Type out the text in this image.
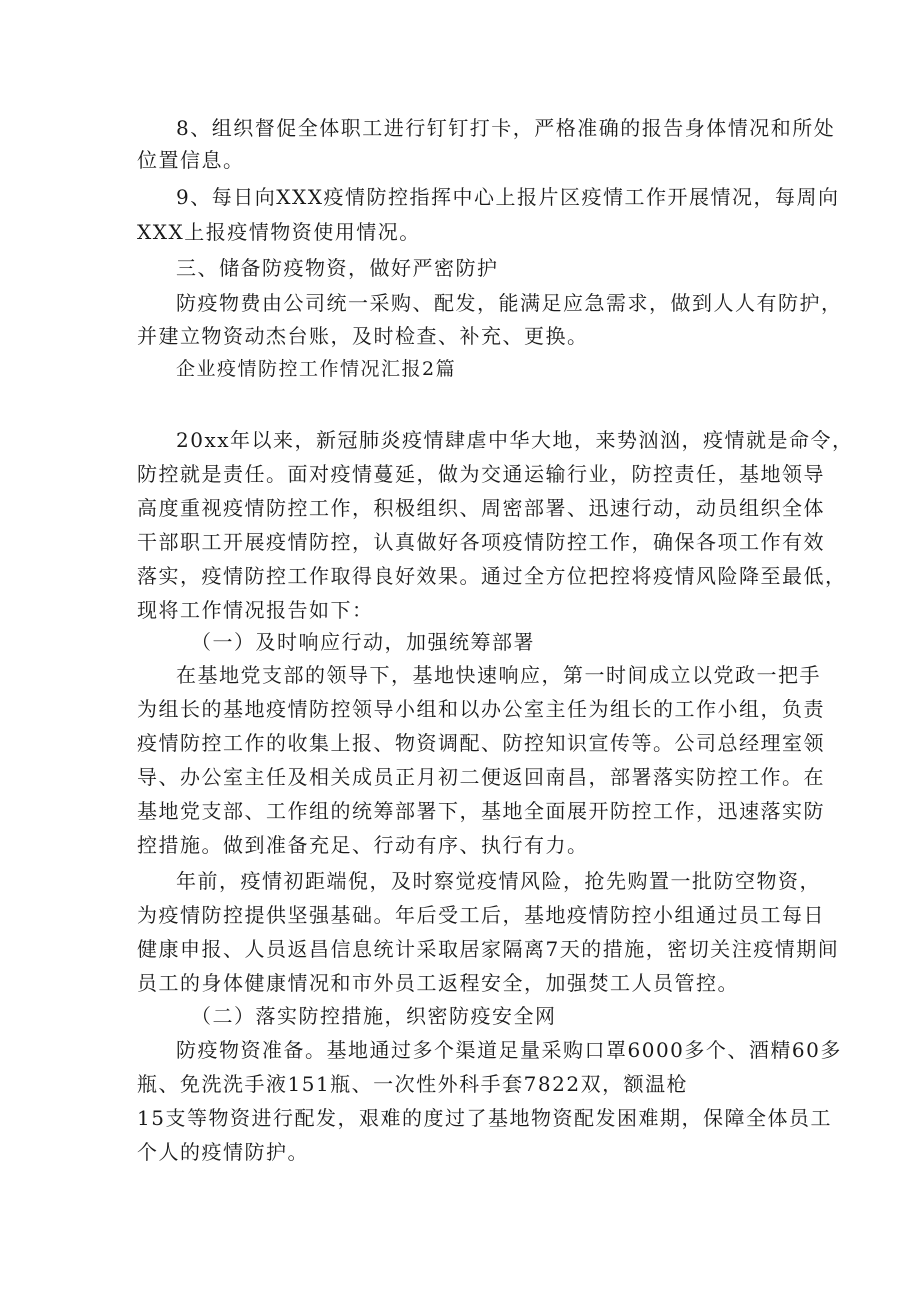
8、组织督促全体职工进行钉钉打卡，严格准确的报告身体情况和所处
位置信息。
9、每日向XXX疫情防控指挥中心上报片区疫情工作开展情况，每周向
XXX上报疫情物资使用情况。
三、储备防疫物资，做好严密防护
防疫物费由公司统一采购、配发，能满足应急需求，做到人人有防护，
并建立物资动杰台账，及时检查、补充、更换。
企业疫情防控工作情况汇报2篇
20xx年以来，新冠肺炎疫情肆虐中华大地，来势汹汹，疫情就是命令，
防控就是责任。面对疫情蔓延，做为交通运输行业，防控责任，基地领导
高度重视疫情防控工作，积极组织、周密部署、迅速行动，动员组织全体
干部职工开展疫情防控，认真做好各项疫情防控工作，确保各项工作有效
落实，疫情防控工作取得良好效果。通过全方位把控将疫情风险降至最低，
现将工作情况报告如下：
（一）及时响应行动，加强统筹部署
在基地党支部的领导下，基地快速响应，第一时间成立以党政一把手
为组长的基地疫情防控领导小组和以办公室主任为组长的工作小组，负责
疫情防控工作的收集上报、物资调配、防控知识宣传等。公司总经理室领
导、办公室主任及相关成员正月初二便返回南昌，部署落实防控工作。在
基地党支部、工作组的统筹部署下，基地全面展开防控工作，迅速落实防
控措施。做到准备充足、行动有序、执行有力。
年前，疫情初距端倪，及时察觉疫情风险，抢先购置一批防空物资，
为疫情防控提供坚强基础。年后受工后，基地疫情防控小组通过员工每日
健康申报、人员返昌信息统计采取居家隔离7天的措施，密切关注疫情期间
员工的身体健康情况和市外员工返程安全，加强焚工人员管控。
（二）落实防控措施，织密防疫安全网
防疫物资准备。基地通过多个渠道足量采购口罩6000多个、酒精60多
瓶、免洗洗手液151瓶、一次性外科手套7822双，额温枪
15支等物资进行配发，艰难的度过了基地物资配发困难期，保障全体员工
个人的疫情防护。
